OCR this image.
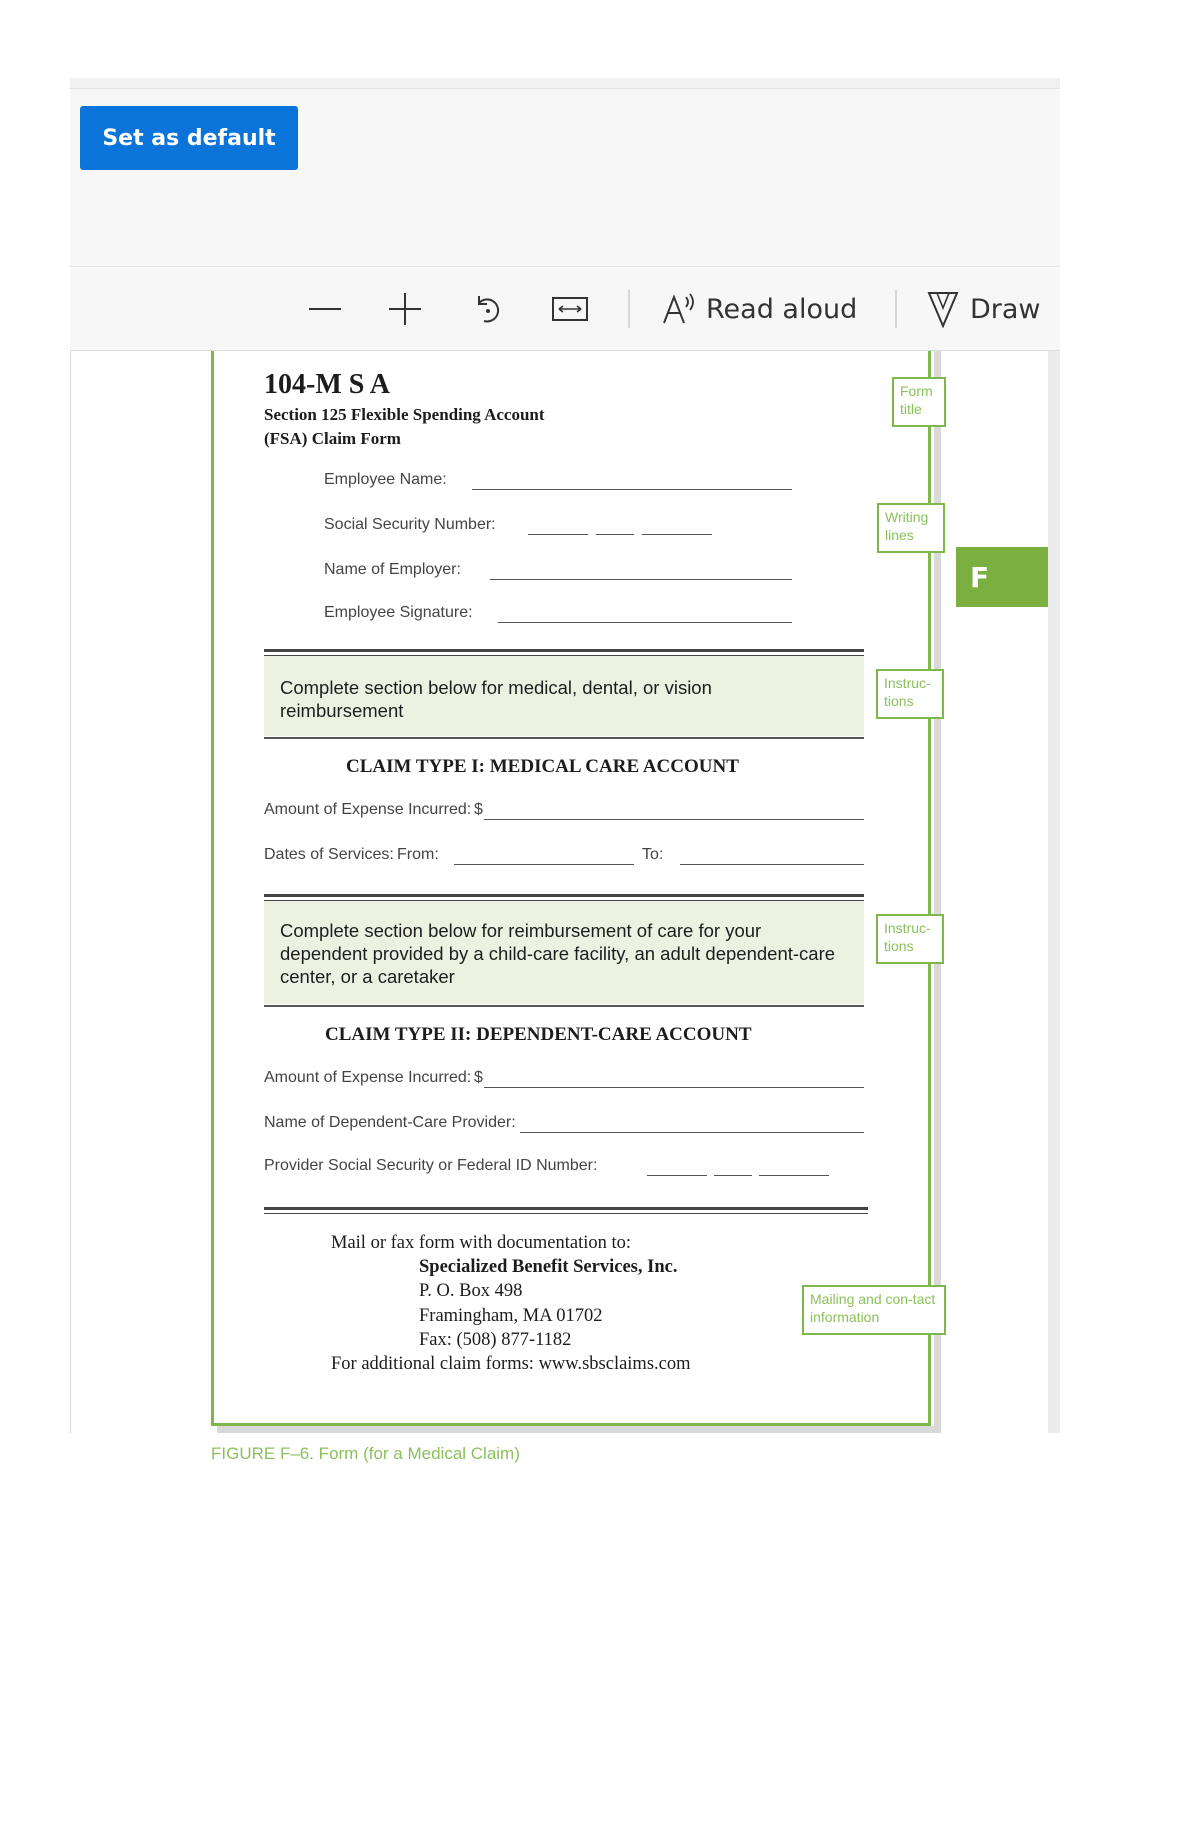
Set as default
Read aloud	Draw
104-M S A
Section 125 Flexible Spending Account
(FSA) Claim Form
Employee Name:
Social Security Number:
Name of Employer:
Employee Signature:
Complete section below for medical, dental, or vision reimbursement
CLAIM TYPE I: MEDICAL CARE ACCOUNT
Amount of Expense Incurred: $
Dates of Services: From:	To:
Complete section below for reimbursement of care for your dependent provided by a child-care facility, an adult dependent-care center, or a caretaker
CLAIM TYPE II: DEPENDENT-CARE ACCOUNT
Amount of Expense Incurred: $
Name of Dependent-Care Provider:
Provider Social Security or Federal ID Number:
Mail or fax form with documentation to:
Specialized Benefit Services, Inc.
P. O. Box 498
Framingham, MA 01702
Fax: (508) 877-1182
For additional claim forms: www.sbsclaims.com
Form title
Writing lines
Instruc-tions
Instruc-tions
Mailing and con-tact information
F
FIGURE F–6. Form (for a Medical Claim)
